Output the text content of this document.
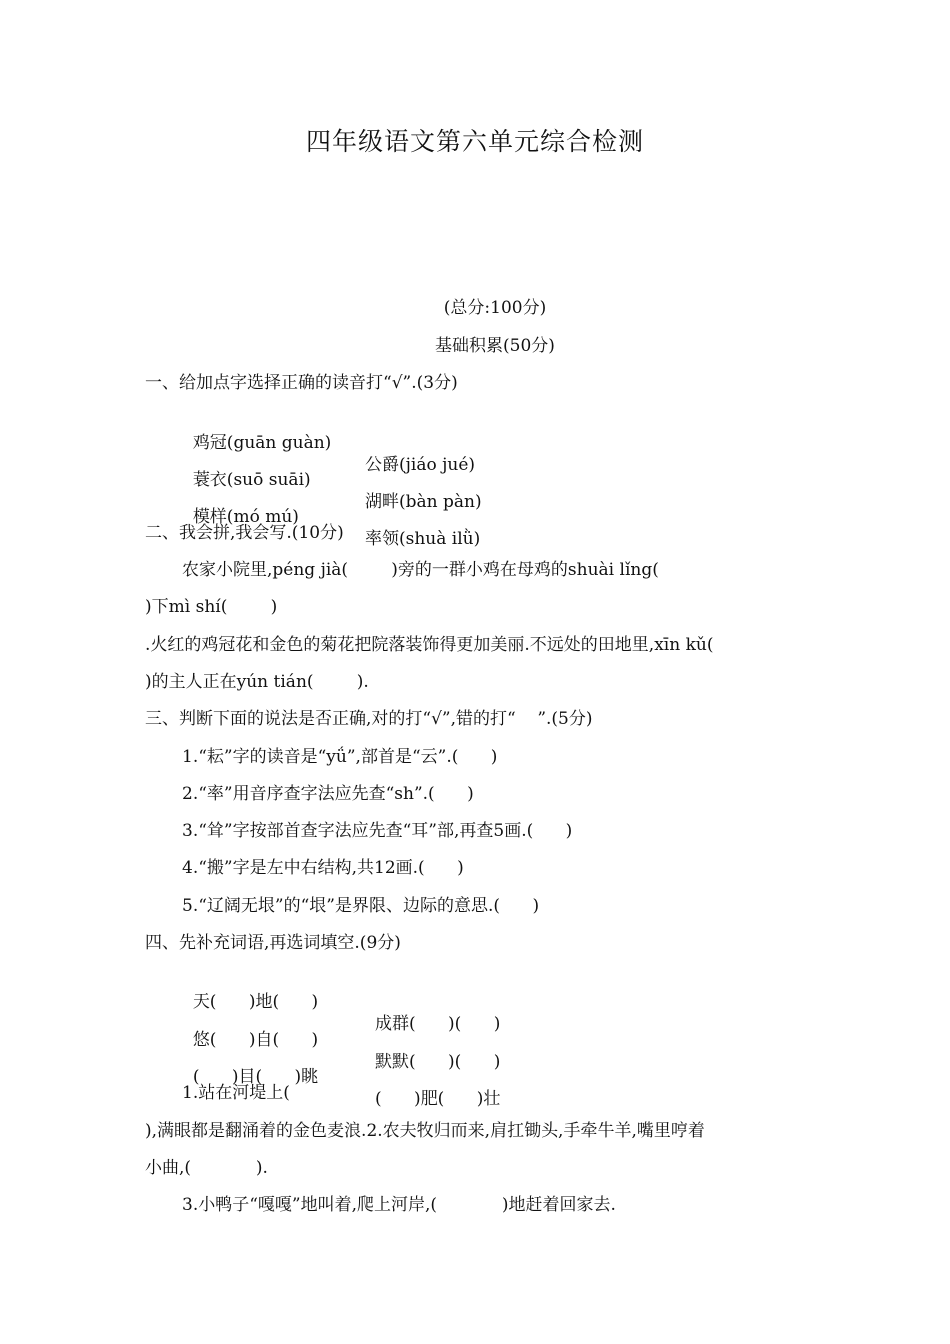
四年级语文第六单元综合检测
(总分:100分)
基础积累(50分)
一、给加点字选择正确的读音打“√”.(3分)

鸡冠(guān guàn)

公爵(jiáo jué)

蓑衣(suō suāi)

湖畔(bàn pàn)

模样(mó mú)

率领(shuà ilǜ)

二、我会拼,我会写.(10分)
农家小院里,péng jià(        )旁的一群小鸡在母鸡的shuài lǐng(
)下mì shí(        )
.火红的鸡冠花和金色的菊花把院落装饰得更加美丽.不远处的田地里,xīn kǔ(
)的主人正在yún tián(        ).
三、判断下面的说法是否正确,对的打“√”,错的打“    ”.(5分)
1.“耘”字的读音是“yǘ”,部首是“云”.(      )
2.“率”用音序查字法应先查“sh”.(      )
3.“耸”字按部首查字法应先查“耳”部,再查5画.(      )
4.“搬”字是左中右结构,共12画.(      )
5.“辽阔无垠”的“垠”是界限、边际的意思.(      )
四、先补充词语,再选词填空.(9分)

天(      )地(      )

成群(      )(      )

悠(      )自(      )

默默(      )(      )

(      )目(      )眺

(      )肥(      )壮

1.站在河堤上(
),满眼都是翻涌着的金色麦浪.2.农夫牧归而来,肩扛锄头,手牵牛羊,嘴里哼着
小曲,(            ).
3.小鸭子“嘎嘎”地叫着,爬上河岸,(            )地赶着回家去.
